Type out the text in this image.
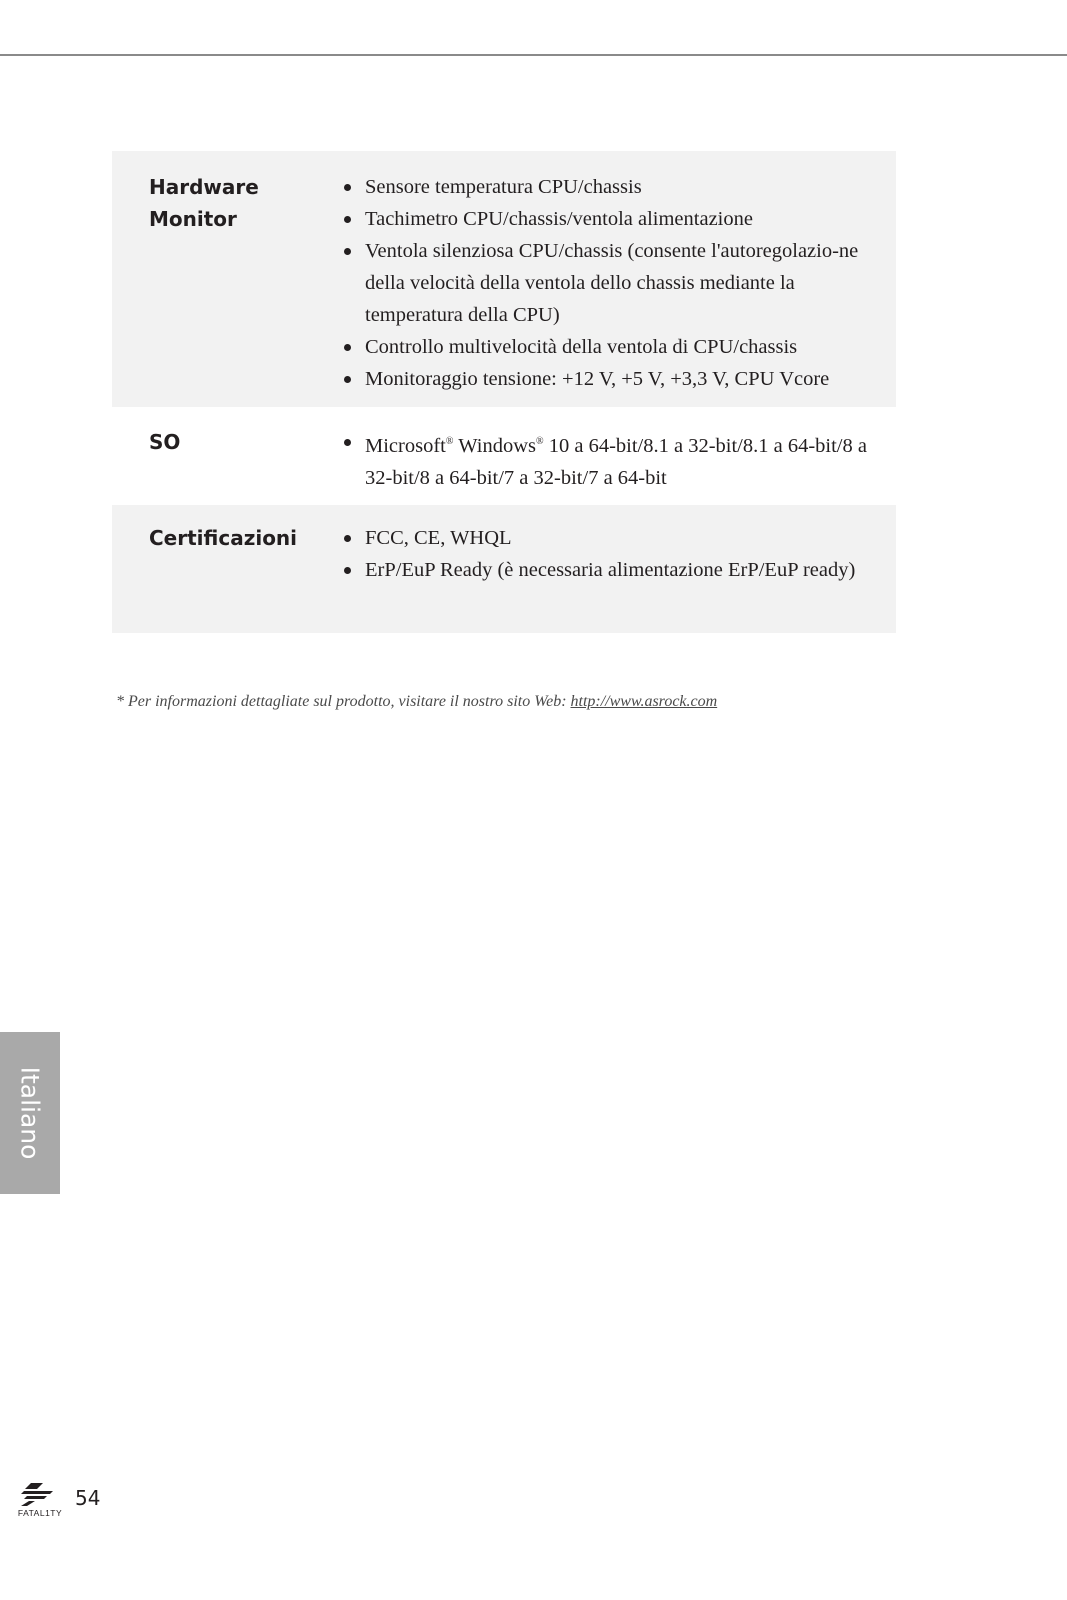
Hardware
Monitor
Sensore temperatura CPU/chassis
Tachimetro CPU/chassis/ventola alimentazione
Ventola silenziosa CPU/chassis (consente l'autoregolazio-ne della velocità della ventola dello chassis mediante la temperatura della CPU)
Controllo multivelocità della ventola di CPU/chassis
Monitoraggio tensione: +12 V, +5 V, +3,3 V, CPU Vcore
SO	Microsoft® Windows® 10 a 64-bit/8.1 a 32-bit/8.1 a 64-bit/8 a 32-bit/8 a 64-bit/7 a 32-bit/7 a 64-bit
Certificazioni	FCC, CE, WHQL
ErP/EuP Ready (è necessaria alimentazione ErP/EuP ready)
* Per informazioni dettagliate sul prodotto, visitare il nostro sito Web: http://www.asrock.com
Italiano
FATAL1TY
54
